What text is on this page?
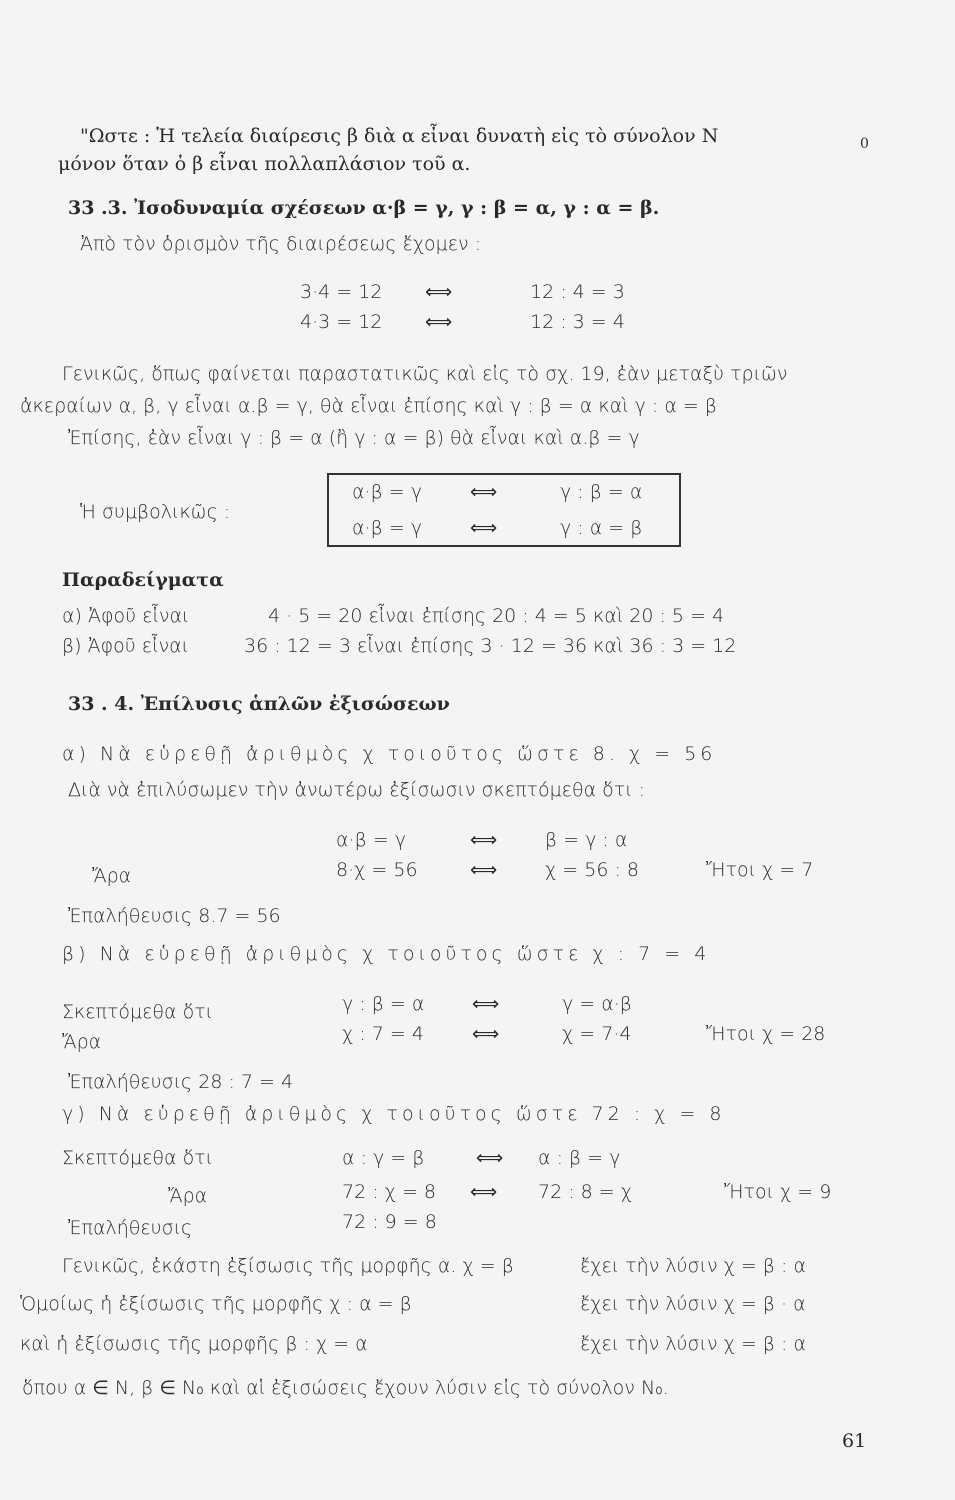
"Ωστε : Ἡ τελεία διαίρεσις β διὰ α εἶναι δυνατὴ εἰς τὸ σύνολον N	0
μόνον ὅταν ὁ β εἶναι πολλαπλάσιον τοῦ α.
33 .3. Ἰσοδυναμία σχέσεων α·β = γ, γ : β = α, γ : α = β.
Ἀπὸ τὸν ὁρισμὸν τῆς διαιρέσεως ἔχομεν :
3·4 = 12 ⟺	12 : 4 = 3
4·3 = 12 ⟺	12 : 3 = 4
Γενικῶς, ὅπως φαίνεται παραστατικῶς καὶ εἰς τὸ σχ. 19, ἐὰν μεταξὺ τριῶν
ἀκεραίων α, β, γ εἶναι α.β = γ, θὰ εἶναι ἐπίσης καὶ γ : β = α καὶ γ : α = β
Ἐπίσης, ἐὰν εἶναι γ : β = α (ἢ γ : α = β) θὰ εἶναι καὶ α.β = γ
Ἡ συμβολικῶς :
α·β = γ	⟺	γ : β = α
α·β = γ	⟺	γ : α = β
Παραδείγματα
α) Ἀφοῦ εἶναι	4 · 5 = 20 εἶναι ἐπίσης 20 : 4 = 5 καὶ 20 : 5 = 4
β) Ἀφοῦ εἶναι	36 : 12 = 3 εἶναι ἐπίσης 3 · 12 = 36 καὶ 36 : 3 = 12
33 . 4. Ἐπίλυσις ἁπλῶν ἐξισώσεων
α) Νὰ εὑρεθῇ ἀριθμὸς χ τοιοῦτος ὥστε 8. χ = 56
Διὰ νὰ ἐπιλύσωμεν τὴν ἀνωτέρω ἐξίσωσιν σκεπτόμεθα ὅτι :
α·β = γ	⟺	β = γ : α
Ἄρα	8·χ = 56	⟺	χ = 56 : 8	Ἤτοι χ = 7
Ἐπαλήθευσις 8.7 = 56
β) Νὰ εὑρεθῇ ἀριθμὸς χ τοιοῦτος ὥστε χ : 7 = 4
Σκεπτόμεθα ὅτι	γ : β = α	⟺	γ = α·β
Ἄρα	χ : 7 = 4	⟺	χ = 7·4	Ἤτοι χ = 28
Ἐπαλήθευσις 28 : 7 = 4
γ) Νὰ εὑρεθῇ ἀριθμὸς χ τοιοῦτος ὥστε 72 : χ = 8
Σκεπτόμεθα ὅτι	α : γ = β	⟺ α : β = γ
Ἄρα	72 : χ = 8 ⟺ 72 : 8 = χ	Ἤτοι χ = 9
Ἐπαλήθευσις	72 : 9 = 8
Γενικῶς, ἑκάστη ἐξίσωσις τῆς μορφῆς α. χ = β	ἔχει τὴν λύσιν χ = β : α
Ὁμοίως ἡ ἐξίσωσις τῆς μορφῆς χ : α = β	ἔχει τὴν λύσιν χ = β · α
καὶ ἡ ἐξίσωσις τῆς μορφῆς β : χ = α	ἔχει τὴν λύσιν χ = β : α
ὅπου α ∈ N, β ∈ N₀ καὶ αἱ ἐξισώσεις ἔχουν λύσιν εἰς τὸ σύνολον N₀.
61
